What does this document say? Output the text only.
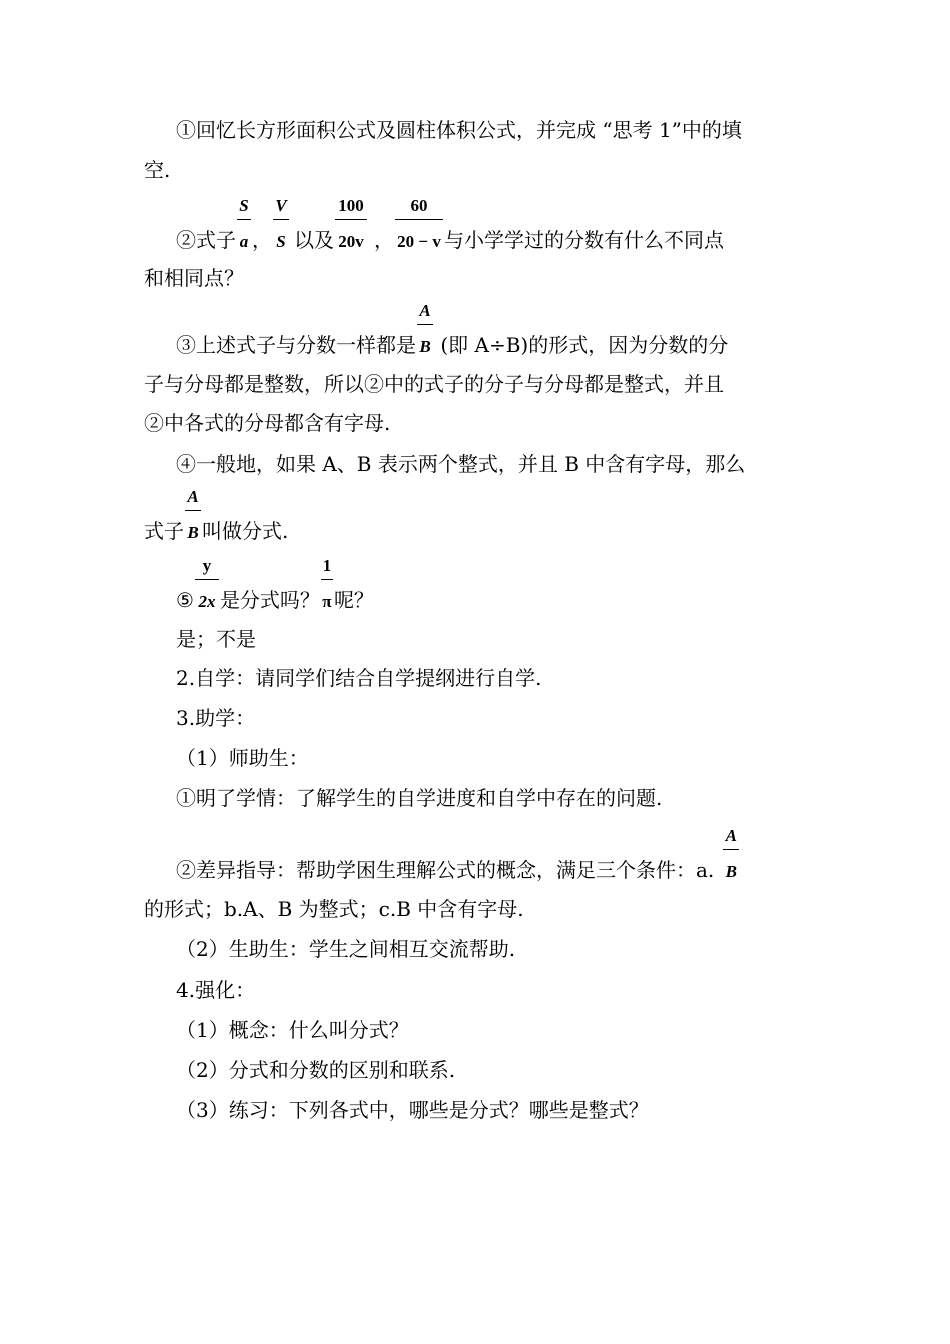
①回忆长方形面积公式及圆柱体积公式，并完成 “思考 1”中的填
空.
②式子 $\frac{S}{a}$ ， $\frac{V}{S}$ 以及 $\frac{100}{20v}$ ， $\frac{60}{20 - v}$ 与小学学过的分数有什么不同点
和相同点？
③上述式子与分数一样都是 $\frac{A}{B}$ (即 A÷B)的形式，因为分数的分
子与分母都是整数，所以②中的式子的分子与分母都是整式，并且
②中各式的分母都含有字母.
④一般地，如果 A、B 表示两个整式，并且 B 中含有字母，那么
式子 $\frac{A}{B}$ 叫做分式.
⑤ $\frac{y}{2x}$ 是分式吗？ $\frac{1}{\pi}$ 呢？
是；不是
2.自学：请同学们结合自学提纲进行自学.
3.助学：
（1）师助生：
①明了学情：了解学生的自学进度和自学中存在的问题.
②差异指导：帮助学困生理解公式的概念，满足三个条件：a. $\frac{A}{B}$
的形式；b.A、B 为整式；c.B 中含有字母.
（2）生助生：学生之间相互交流帮助.
4.强化：
（1）概念：什么叫分式？
（2）分式和分数的区别和联系.
（3）练习：下列各式中，哪些是分式？哪些是整式？
